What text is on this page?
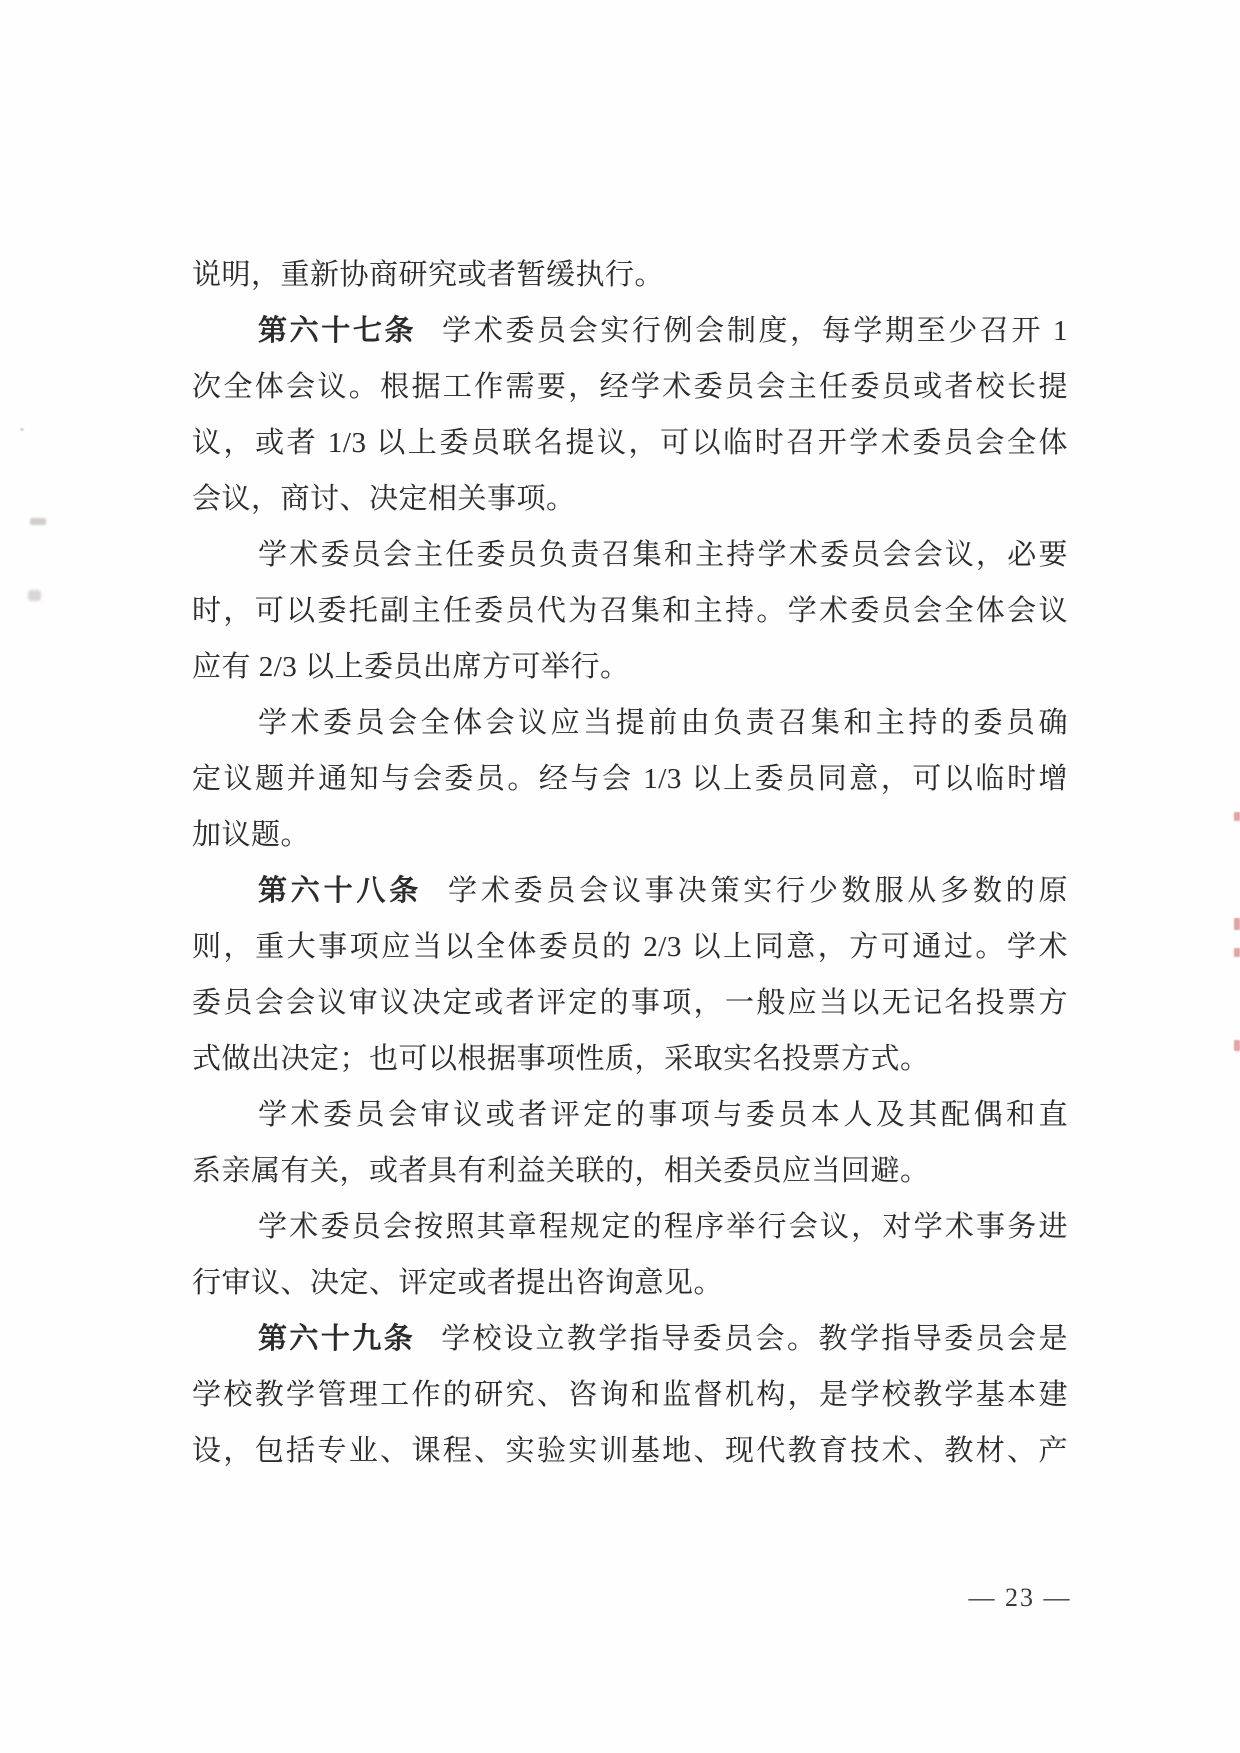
说明，重新协商研究或者暂缓执行。
第六十七条 学术委员会实行例会制度，每学期至少召开 1
次全体会议。根据工作需要，经学术委员会主任委员或者校长提
议，或者 1/3 以上委员联名提议，可以临时召开学术委员会全体
会议，商讨、决定相关事项。
学术委员会主任委员负责召集和主持学术委员会会议，必要
时，可以委托副主任委员代为召集和主持。学术委员会全体会议
应有 2/3 以上委员出席方可举行。
学术委员会全体会议应当提前由负责召集和主持的委员确
定议题并通知与会委员。经与会 1/3 以上委员同意，可以临时增
加议题。
第六十八条 学术委员会议事决策实行少数服从多数的原
则，重大事项应当以全体委员的 2/3 以上同意，方可通过。学术
委员会会议审议决定或者评定的事项，一般应当以无记名投票方
式做出决定；也可以根据事项性质，采取实名投票方式。
学术委员会审议或者评定的事项与委员本人及其配偶和直
系亲属有关，或者具有利益关联的，相关委员应当回避。
学术委员会按照其章程规定的程序举行会议，对学术事务进
行审议、决定、评定或者提出咨询意见。
第六十九条 学校设立教学指导委员会。教学指导委员会是
学校教学管理工作的研究、咨询和监督机构，是学校教学基本建
设，包括专业、课程、实验实训基地、现代教育技术、教材、产
— 23 —
